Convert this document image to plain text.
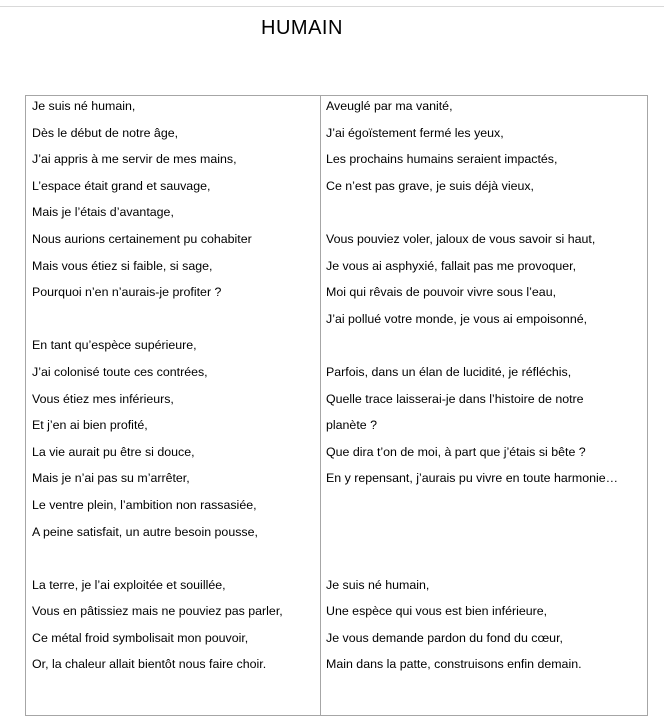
HUMAIN
Je suis né humain,
Dès le début de notre âge,
J’ai appris à me servir de mes mains,
L’espace était grand et sauvage,
Mais je l’étais d’avantage,
Nous aurions certainement pu cohabiter
Mais vous étiez si faible, si sage,
Pourquoi n’en n’aurais-je profiter ?
En tant qu’espèce supérieure,
J’ai colonisé toute ces contrées,
Vous étiez mes inférieurs,
Et j’en ai bien profité,
La vie aurait pu être si douce,
Mais je n’ai pas su m’arrêter,
Le ventre plein, l’ambition non rassasiée,
A peine satisfait, un autre besoin pousse,
La terre, je l’ai exploitée et souillée,
Vous en pâtissiez mais ne pouviez pas parler,
Ce métal froid symbolisait mon pouvoir,
Or, la chaleur allait bientôt nous faire choir.
Aveuglé par ma vanité,
J’ai égoïstement fermé les yeux,
Les prochains humains seraient impactés,
Ce n’est pas grave, je suis déjà vieux,
Vous pouviez voler, jaloux de vous savoir si haut,
Je vous ai asphyxié, fallait pas me provoquer,
Moi qui rêvais de pouvoir vivre sous l’eau,
J’ai pollué votre monde, je vous ai empoisonné,
Parfois, dans un élan de lucidité, je réfléchis,
Quelle trace laisserai-je dans l’histoire de notre
planète ?
Que dira t’on de moi, à part que j’étais si bête ?
En y repensant, j’aurais pu vivre en toute harmonie…
Je suis né humain,
Une espèce qui vous est bien inférieure,
Je vous demande pardon du fond du cœur,
Main dans la patte, construisons enfin demain.
